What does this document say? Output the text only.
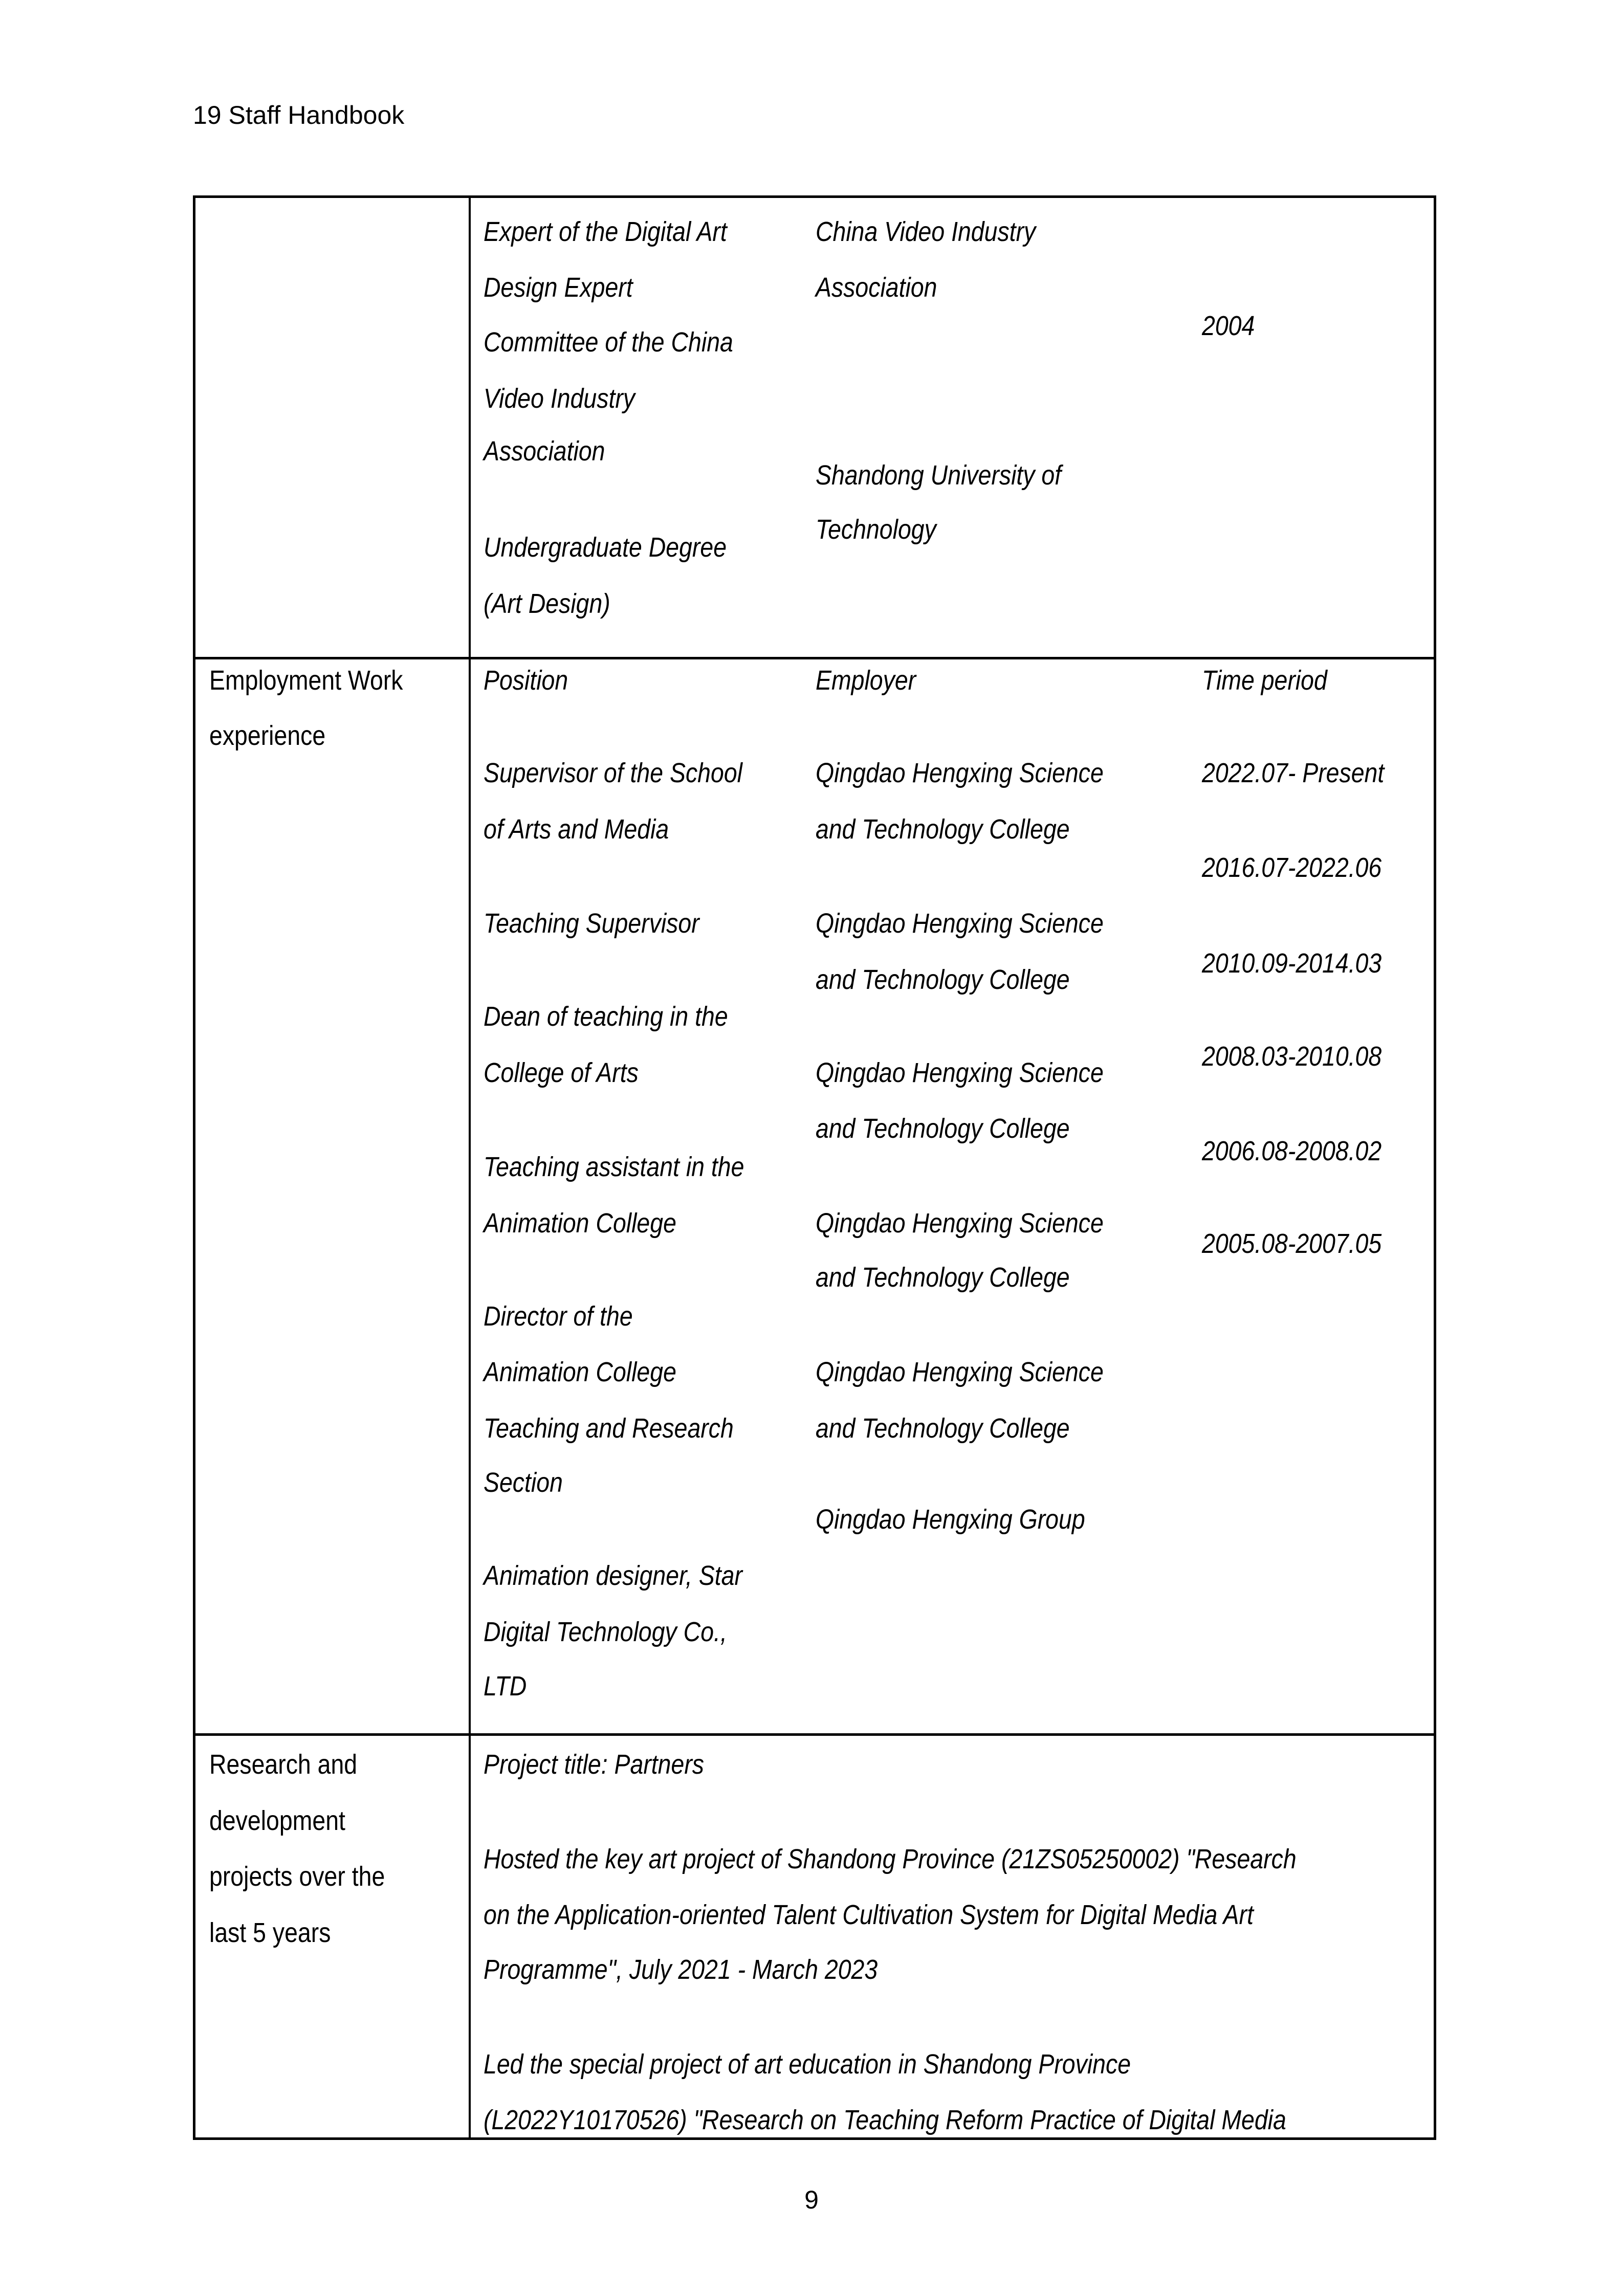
19 Staff Handbook
Expert of the Digital Art
Design Expert
Committee of the China
Video Industry
Association
China Video Industry
Association
2004
Undergraduate Degree
(Art Design)
Shandong University of
Technology
Employment Work
experience
Position	Employer	Time period
Supervisor of the School
of Arts and Media
Teaching Supervisor
Dean of teaching in the
College of Arts
Teaching assistant in the
Animation College
Director of the
Animation College
Teaching and Research
Section
Animation designer, Star
Digital Technology Co.,
LTD
Qingdao Hengxing Science
and Technology College
Qingdao Hengxing Science
and Technology College
Qingdao Hengxing Science
and Technology College
Qingdao Hengxing Science
and Technology College
Qingdao Hengxing Science
and Technology College
Qingdao Hengxing Group
2022.07- Present
2016.07-2022.06
2010.09-2014.03
2008.03-2010.08
2006.08-2008.02
2005.08-2007.05
Research and
development
projects over the
last 5 years
Project title: Partners
Hosted the key art project of Shandong Province (21ZS05250002) "Research
on the Application-oriented Talent Cultivation System for Digital Media Art
Programme", July 2021 - March 2023
Led the special project of art education in Shandong Province
(L2022Y10170526) "Research on Teaching Reform Practice of Digital Media
9
